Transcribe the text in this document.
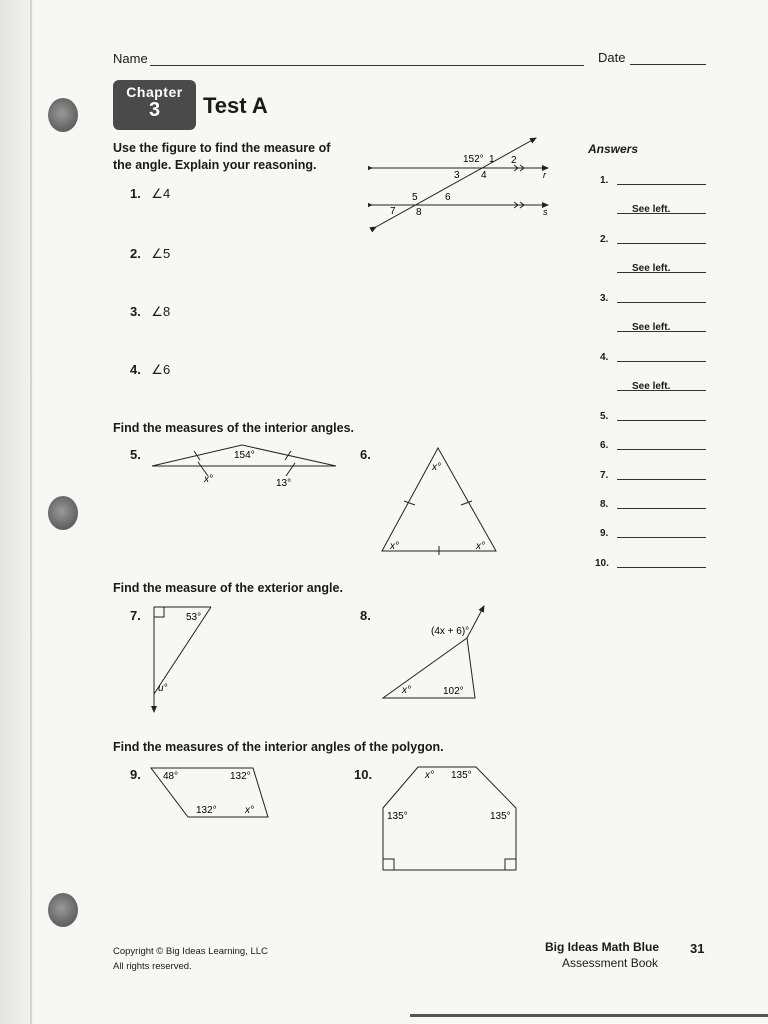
Name	Date
Chapter
3	Test A
Use the figure to find the measure of
the angle. Explain your reasoning.
1. ∠4
2. ∠5
3. ∠8
4. ∠6
152° 1 2
3 4
5	6
7 8
r
s
Answers
1.
See left.
2.
See left.
3.
See left.
4.
See left.
5.
6.
7.
8.
9.
10.
Find the measures of the interior angles.
5.	154°
x°	13°
6.
x°
x°	x°
Find the measure of the exterior angle.
7.	53°
u°
8.
(4x + 6)°
x°	102°
Find the measures of the interior angles of the polygon.
9. 48°	132°
132°	x°
10.	x° 135°
135°	135°
Copyright © Big Ideas Learning, LLC
All rights reserved.
Big Ideas Math Blue
Assessment Book
31
